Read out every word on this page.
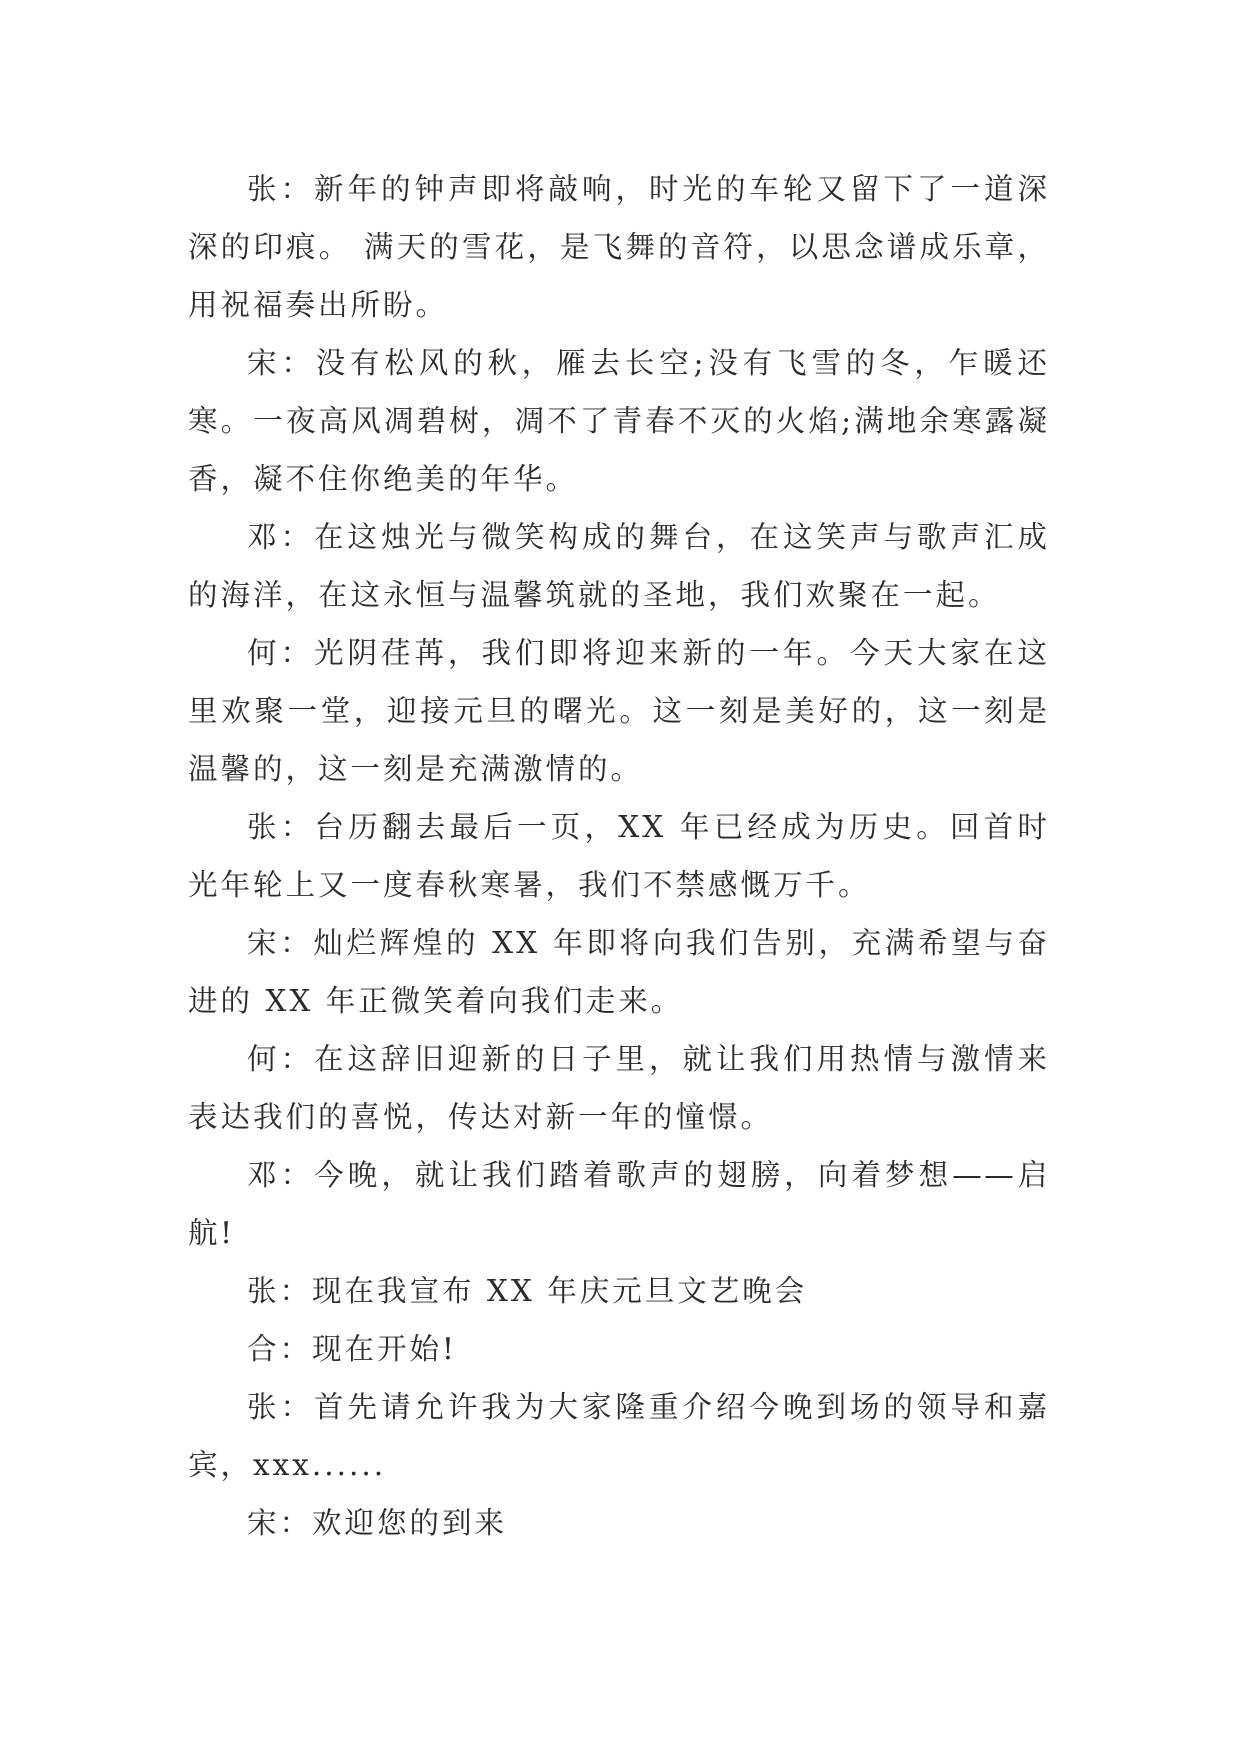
张：新年的钟声即将敲响，时光的车轮又留下了一道深深的印痕。 满天的雪花，是飞舞的音符，以思念谱成乐章，用祝福奏出所盼。

宋：没有松风的秋，雁去长空;没有飞雪的冬，乍暖还寒。一夜高风凋碧树，凋不了青春不灭的火焰;满地余寒露凝香，凝不住你绝美的年华。

邓：在这烛光与微笑构成的舞台，在这笑声与歌声汇成的海洋，在这永恒与温馨筑就的圣地，我们欢聚在一起。

何：光阴荏苒，我们即将迎来新的一年。今天大家在这里欢聚一堂，迎接元旦的曙光。这一刻是美好的，这一刻是温馨的，这一刻是充满激情的。

张：台历翻去最后一页，XX 年已经成为历史。回首时光年轮上又一度春秋寒暑，我们不禁感慨万千。

宋：灿烂辉煌的 XX 年即将向我们告别，充满希望与奋进的 XX 年正微笑着向我们走来。

何：在这辞旧迎新的日子里，就让我们用热情与激情来表达我们的喜悦，传达对新一年的憧憬。

邓：今晚，就让我们踏着歌声的翅膀，向着梦想——启航!

张：现在我宣布 XX 年庆元旦文艺晚会

合：现在开始!

张：首先请允许我为大家隆重介绍今晚到场的领导和嘉宾，xxx......

宋：欢迎您的到来
